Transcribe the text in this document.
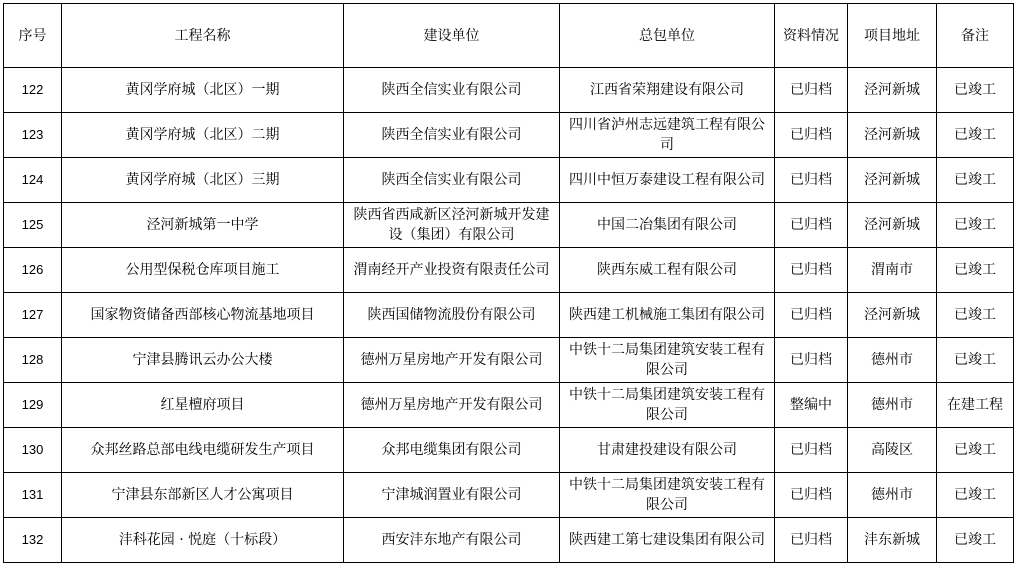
序号	工程名称	建设单位	总包单位	资料情况	项目地址	备注
122	黄冈学府城（北区）一期	陕西全信实业有限公司	江西省荣翔建设有限公司	已归档	泾河新城	已竣工
123	黄冈学府城（北区）二期	陕西全信实业有限公司	四川省泸州志远建筑工程有限公司	已归档	泾河新城	已竣工
124	黄冈学府城（北区）三期	陕西全信实业有限公司	四川中恒万泰建设工程有限公司	已归档	泾河新城	已竣工
125	泾河新城第一中学	陕西省西咸新区泾河新城开发建设（集团）有限公司	中国二冶集团有限公司	已归档	泾河新城	已竣工
126	公用型保税仓库项目施工	渭南经开产业投资有限责任公司	陕西东威工程有限公司	已归档	渭南市	已竣工
127	国家物资储备西部核心物流基地项目	陕西国储物流股份有限公司	陕西建工机械施工集团有限公司	已归档	泾河新城	已竣工
128	宁津县腾讯云办公大楼	德州万星房地产开发有限公司	中铁十二局集团建筑安装工程有限公司	已归档	德州市	已竣工
129	红星檀府项目	德州万星房地产开发有限公司	中铁十二局集团建筑安装工程有限公司	整编中	德州市	在建工程
130	众邦丝路总部电线电缆研发生产项目	众邦电缆集团有限公司	甘肃建投建设有限公司	已归档	高陵区	已竣工
131	宁津县东部新区人才公寓项目	宁津城润置业有限公司	中铁十二局集团建筑安装工程有限公司	已归档	德州市	已竣工
132	沣科花园 · 悦庭（十标段）	西安沣东地产有限公司	陕西建工第七建设集团有限公司	已归档	沣东新城	已竣工
